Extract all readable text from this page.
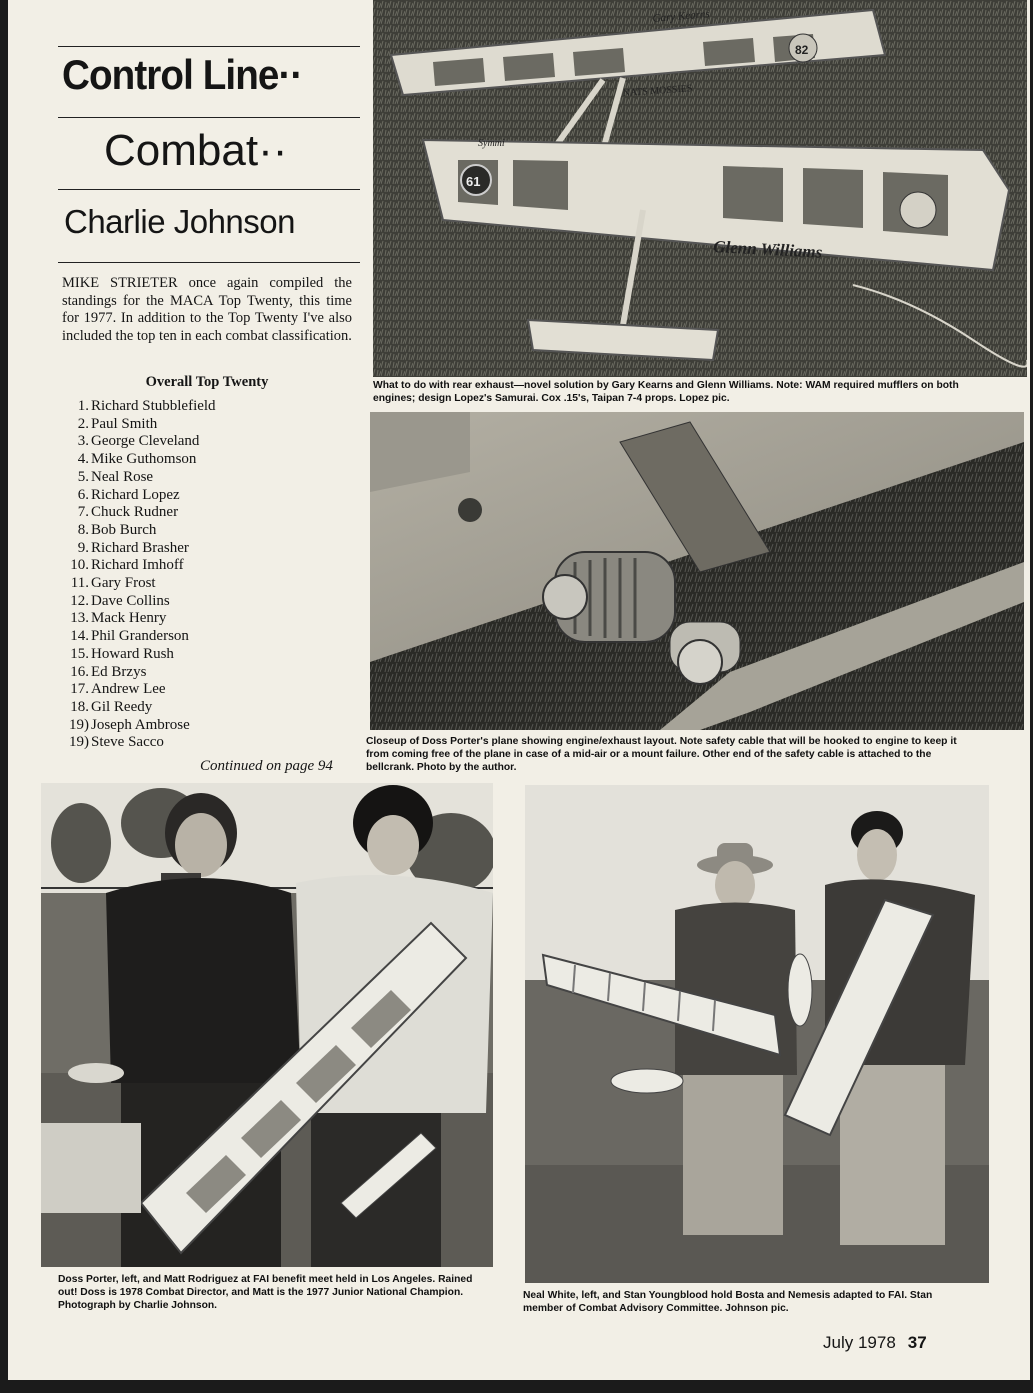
Control Line··
Combat··
Charlie Johnson

MIKE STRIETER once again compiled the standings for the MACA Top Twenty, this time for 1977. In addition to the Top Twenty I've also included the top ten in each combat classification.

Overall Top Twenty

1. Richard Stubblefield
2. Paul Smith
3. George Cleveland
4. Mike Guthomson
5. Neal Rose
6. Richard Lopez
7. Chuck Rudner
8. Bob Burch
9. Richard Brasher
10. Richard Imhoff
11. Gary Frost
12. Dave Collins
13. Mack Henry
14. Phil Granderson
15. Howard Rush
16. Ed Brzys
17. Andrew Lee
18. Gil Reedy
19) Joseph Ambrose
19) Steve Sacco
Continued on page 94
82
Gary Kearns
NATS MOSSIES
61
Glenn Williams
Symmi

What to do with rear exhaust—novel solution by Gary Kearns and Glenn Williams. Note: WAM required mufflers on both engines; design Lopez's Samurai. Cox .15's, Taipan 7-4 props. Lopez pic.

Closeup of Doss Porter's plane showing engine/exhaust layout. Note safety cable that will be hooked to engine to keep it from coming free of the plane in case of a mid-air or a mount failure. Other end of the safety cable is attached to the bellcrank. Photo by the author.

Doss Porter, left, and Matt Rodriguez at FAI benefit meet held in Los Angeles. Rained out! Doss is 1978 Combat Director, and Matt is the 1977 Junior National Champion. Photograph by Charlie Johnson.

Neal White, left, and Stan Youngblood hold Bosta and Nemesis adapted to FAI. Stan member of Combat Advisory Committee. Johnson pic.

July 1978 37
